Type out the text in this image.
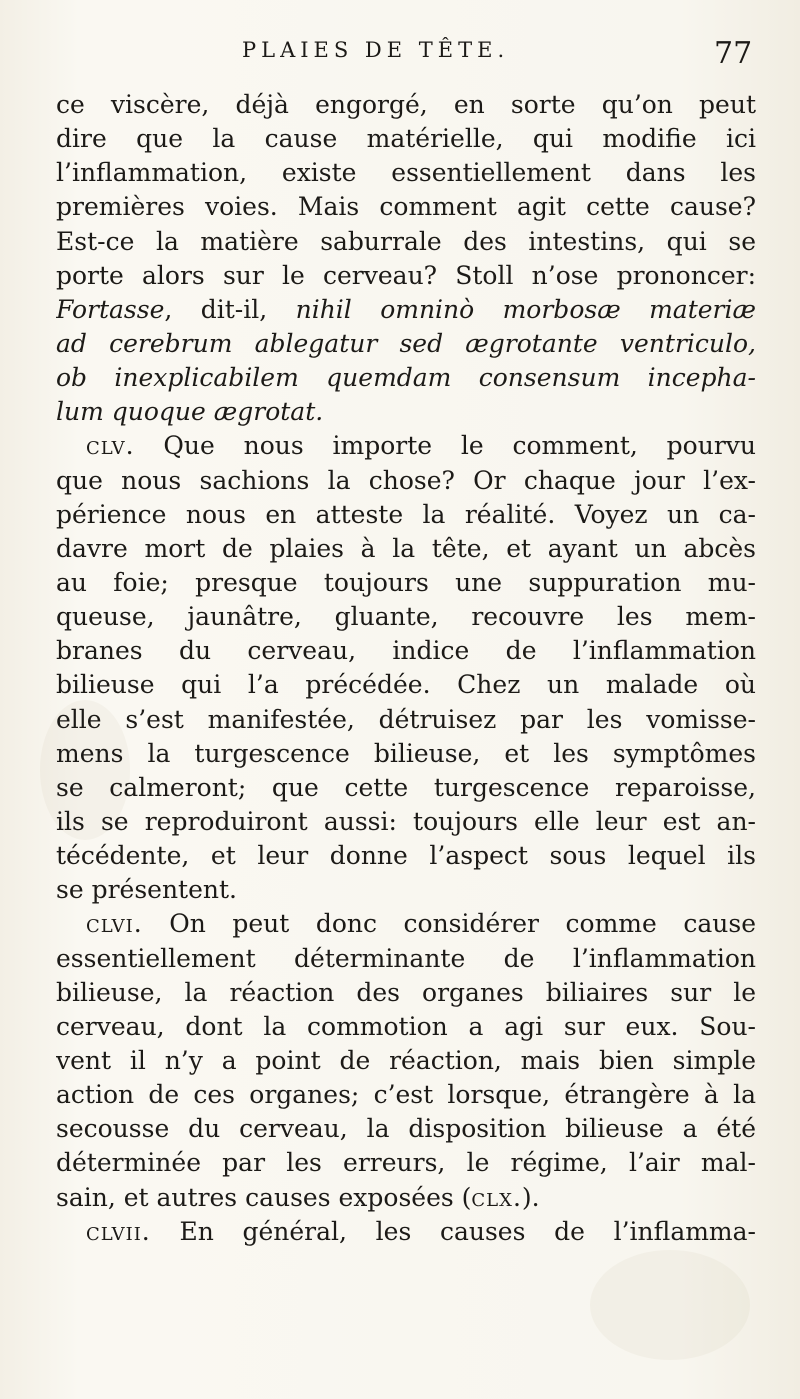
PLAIES DE TÊTE.	77
ce viscère, déjà engorgé, en sorte qu’on peut
dire que la cause matérielle, qui modifie ici
l’inflammation, existe essentiellement dans les
premières voies. Mais comment agit cette cause?
Est-ce la matière saburrale des intestins, qui se
porte alors sur le cerveau? Stoll n’ose prononcer:
Fortasse, dit-il, nihil omninò morbosæ materiæ
ad cerebrum ablegatur sed ægrotante ventriculo,
ob inexplicabilem quemdam consensum incepha-
lum quoque ægrotat.
clv. Que nous importe le comment, pourvu
que nous sachions la chose? Or chaque jour l’ex-
périence nous en atteste la réalité. Voyez un ca-
davre mort de plaies à la tête, et ayant un abcès
au foie; presque toujours une suppuration mu-
queuse, jaunâtre, gluante, recouvre les mem-
branes du cerveau, indice de l’inflammation
bilieuse qui l’a précédée. Chez un malade où
elle s’est manifestée, détruisez par les vomisse-
mens la turgescence bilieuse, et les symptômes
se calmeront; que cette turgescence reparoisse,
ils se reproduiront aussi: toujours elle leur est an-
técédente, et leur donne l’aspect sous lequel ils
se présentent.
clvi. On peut donc considérer comme cause
essentiellement déterminante de l’inflammation
bilieuse, la réaction des organes biliaires sur le
cerveau, dont la commotion a agi sur eux. Sou-
vent il n’y a point de réaction, mais bien simple
action de ces organes; c’est lorsque, étrangère à la
secousse du cerveau, la disposition bilieuse a été
déterminée par les erreurs, le régime, l’air mal-
sain, et autres causes exposées (clx.).
clvii. En général, les causes de l’inflamma-
